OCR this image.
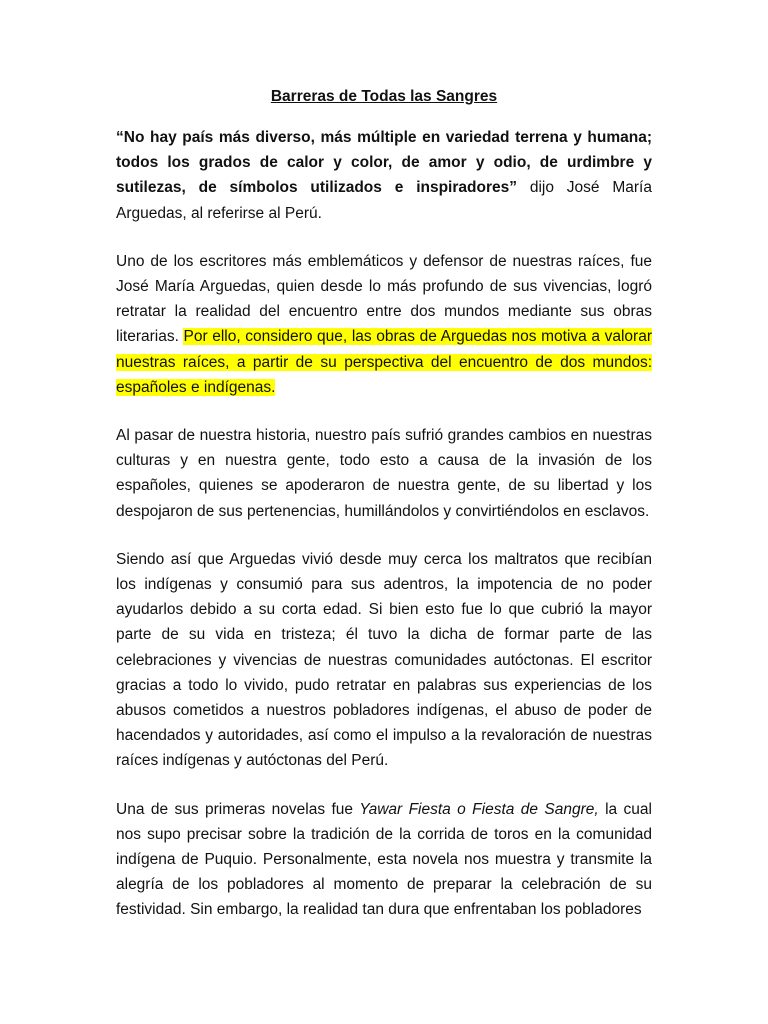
Barreras de Todas las Sangres

“No hay país más diverso, más múltiple en variedad terrena y humana; todos los grados de calor y color, de amor y odio, de urdimbre y sutilezas, de símbolos utilizados e inspiradores” dijo José María Arguedas, al referirse al Perú.

Uno de los escritores más emblemáticos y defensor de nuestras raíces, fue José María Arguedas, quien desde lo más profundo de sus vivencias, logró retratar la realidad del encuentro entre dos mundos mediante sus obras literarias. Por ello, considero que, las obras de Arguedas nos motiva a valorar nuestras raíces, a partir de su perspectiva del encuentro de dos mundos: españoles e indígenas.

Al pasar de nuestra historia, nuestro país sufrió grandes cambios en nuestras culturas y en nuestra gente, todo esto a causa de la invasión de los españoles, quienes se apoderaron de nuestra gente, de su libertad y los despojaron de sus pertenencias, humillándolos y convirtiéndolos en esclavos.

Siendo así que Arguedas vivió desde muy cerca los maltratos que recibían los indígenas y consumió para sus adentros, la impotencia de no poder ayudarlos debido a su corta edad. Si bien esto fue lo que cubrió la mayor parte de su vida en tristeza; él tuvo la dicha de formar parte de las celebraciones y vivencias de nuestras comunidades autóctonas. El escritor gracias a todo lo vivido, pudo retratar en palabras sus experiencias de los abusos cometidos a nuestros pobladores indígenas, el abuso de poder de hacendados y autoridades, así como el impulso a la revaloración de nuestras raíces indígenas y autóctonas del Perú.

Una de sus primeras novelas fue Yawar Fiesta o Fiesta de Sangre, la cual nos supo precisar sobre la tradición de la corrida de toros en la comunidad indígena de Puquio. Personalmente, esta novela nos muestra y transmite la alegría de los pobladores al momento de preparar la celebración de su festividad. Sin embargo, la realidad tan dura que enfrentaban los pobladores
